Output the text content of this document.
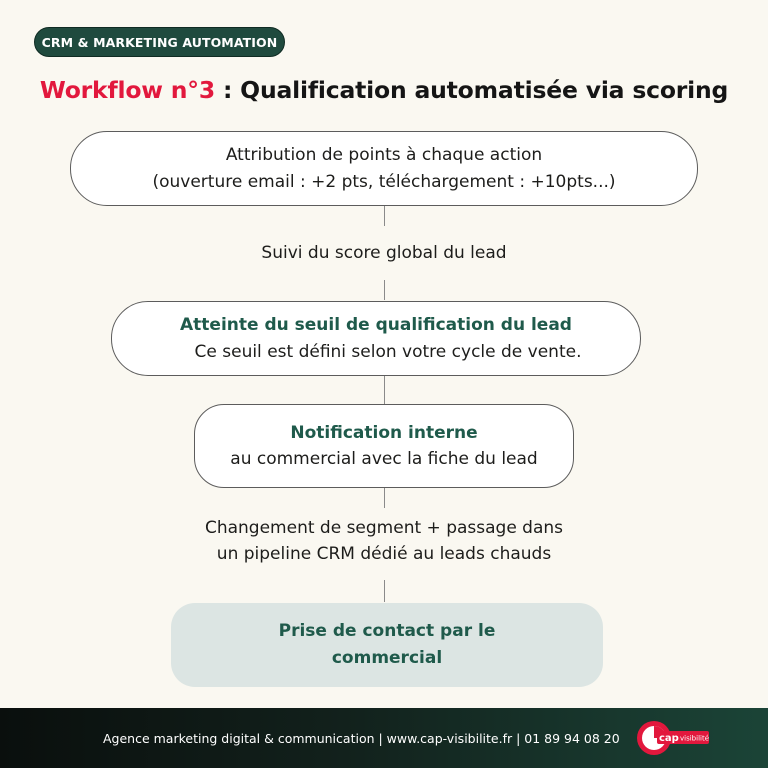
CRM & MARKETING AUTOMATION
Workflow n°3 : Qualification automatisée via scoring
Attribution de points à chaque action
(ouverture email : +2 pts, téléchargement : +10pts...)
Suivi du score global du lead
Atteinte du seuil de qualification du lead
Ce seuil est défini selon votre cycle de vente.
Notification interne
au commercial avec la fiche du lead
Changement de segment + passage dans
un pipeline CRM dédié au leads chauds
Prise de contact par le
commercial
Agence marketing digital & communication | www.cap-visibilite.fr | 01 89 94 08 20	cap visibilité
